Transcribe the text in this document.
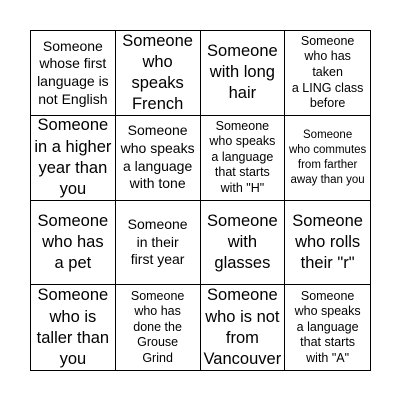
Someone
whose first
language is
not English
Someone
who
speaks
French
Someone
with long
hair
Someone
who has
taken
a LING class
before
Someone
in a higher
year than
you
Someone
who speaks
a language
with tone
Someone
who speaks
a language
that starts
with "H"
Someone
who commutes
from farther
away than you
Someone
who has
a pet
Someone
in their
first year
Someone
with
glasses
Someone
who rolls
their "r"
Someone
who is
taller than
you
Someone
who has
done the
Grouse
Grind
Someone
who is not
from
Vancouver
Someone
who speaks
a language
that starts
with "A"
